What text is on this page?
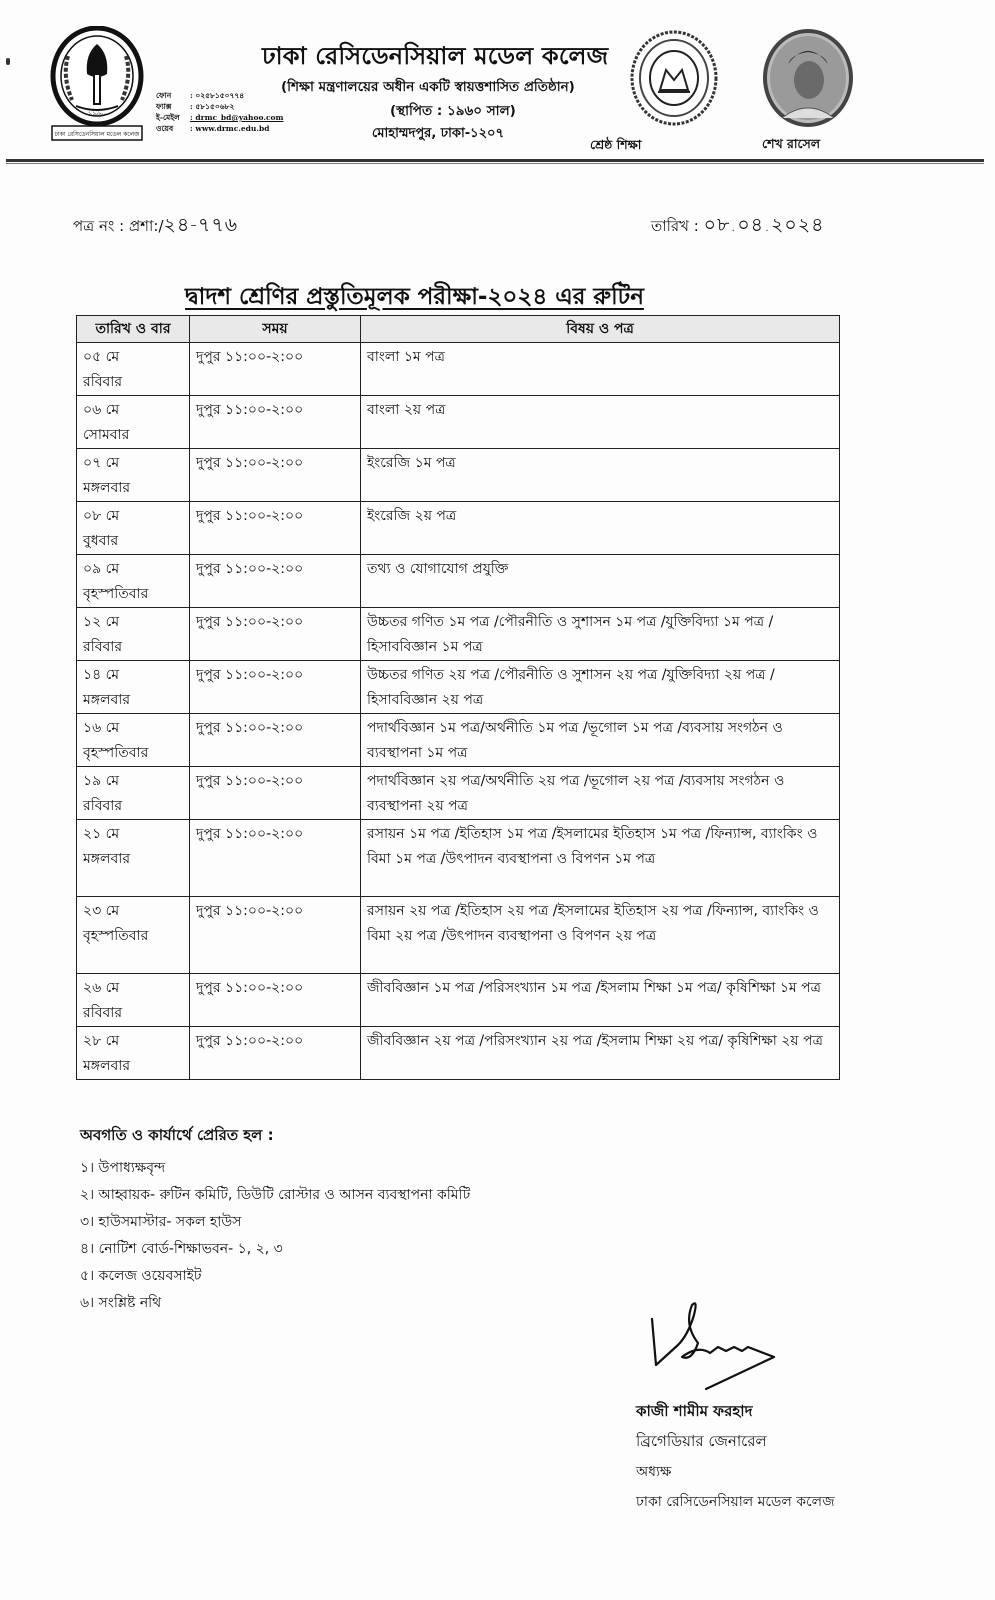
১৯৬০
ঢাকা রেসিডেনসিয়াল মডেল কলেজ
ফোন	: ০২৫৮১৫০৭৭৪
ফ্যাক্স : ৫৮১৫০৬৮২
ই-মেইল : drmc_bd@yahoo.com
ওয়েব : www.drmc.edu.bd
ঢাকা রেসিডেনসিয়াল মডেল কলেজ
(শিক্ষা মন্ত্রণালয়ের অধীন একটি স্বায়ত্তশাসিত প্রতিষ্ঠান)
(স্থাপিত : ১৯৬০ সাল)
মোহাম্মদপুর, ঢাকা-১২০৭
শ্রেষ্ঠ শিক্ষা	শেখ রাসেল
পত্র নং : প্রশা:/২৪-৭৭৬	তারিখ : ০৮.০৪.২০২৪
দ্বাদশ শ্রেণির প্রস্তুতিমূলক পরীক্ষা-২০২৪ এর রুটিন
তারিখ ও বার	সময়	বিষয় ও পত্র

০৫ মে
রবিবার	দুপুর ১১:০০-২:০০	বাংলা ১ম পত্র

০৬ মে
সোমবার	দুপুর ১১:০০-২:০০	বাংলা ২য় পত্র

০৭ মে
মঙ্গলবার	দুপুর ১১:০০-২:০০	ইংরেজি ১ম পত্র

০৮ মে
বুধবার	দুপুর ১১:০০-২:০০	ইংরেজি ২য় পত্র

০৯ মে
বৃহস্পতিবার	দুপুর ১১:০০-২:০০	তথ্য ও যোগাযোগ প্রযুক্তি

১২ মে
রবিবার	দুপুর ১১:০০-২:০০	উচ্চতর গণিত ১ম পত্র /পৌরনীতি ও সুশাসন ১ম পত্র /যুক্তিবিদ্যা ১ম পত্র /হিসাববিজ্ঞান ১ম পত্র

১৪ মে
মঙ্গলবার	দুপুর ১১:০০-২:০০	উচ্চতর গণিত ২য় পত্র /পৌরনীতি ও সুশাসন ২য় পত্র /যুক্তিবিদ্যা ২য় পত্র /হিসাববিজ্ঞান ২য় পত্র

১৬ মে
বৃহস্পতিবার	দুপুর ১১:০০-২:০০	পদার্থবিজ্ঞান ১ম পত্র/অর্থনীতি ১ম পত্র /ভূগোল ১ম পত্র /ব্যবসায় সংগঠন ও ব্যবস্থাপনা ১ম পত্র

১৯ মে
রবিবার	দুপুর ১১:০০-২:০০	পদার্থবিজ্ঞান ২য় পত্র/অর্থনীতি ২য় পত্র /ভূগোল ২য় পত্র /ব্যবসায় সংগঠন ও ব্যবস্থাপনা ২য় পত্র

২১ মে
মঙ্গলবার	দুপুর ১১:০০-২:০০	রসায়ন ১ম পত্র /ইতিহাস ১ম পত্র /ইসলামের ইতিহাস ১ম পত্র /ফিন্যান্স, ব্যাংকিং ও বিমা ১ম পত্র /উৎপাদন ব্যবস্থাপনা ও বিপণন ১ম পত্র

২৩ মে
বৃহস্পতিবার	দুপুর ১১:০০-২:০০	রসায়ন ২য় পত্র /ইতিহাস ২য় পত্র /ইসলামের ইতিহাস ২য় পত্র /ফিন্যান্স, ব্যাংকিং ও বিমা ২য় পত্র /উৎপাদন ব্যবস্থাপনা ও বিপণন ২য় পত্র

২৬ মে
রবিবার	দুপুর ১১:০০-২:০০	জীববিজ্ঞান ১ম পত্র /পরিসংখ্যান ১ম পত্র /ইসলাম শিক্ষা ১ম পত্র/ কৃষিশিক্ষা ১ম পত্র

২৮ মে
মঙ্গলবার	দুপুর ১১:০০-২:০০	জীববিজ্ঞান ২য় পত্র /পরিসংখ্যান ২য় পত্র /ইসলাম শিক্ষা ২য় পত্র/ কৃষিশিক্ষা ২য় পত্র
অবগতি ও কার্যার্থে প্রেরিত হল :
১। উপাধ্যক্ষবৃন্দ
২। আহ্বায়ক- রুটিন কমিটি, ডিউটি রোস্টার ও আসন ব্যবস্থাপনা কমিটি
৩। হাউসমাস্টার- সকল হাউস
৪। নোটিশ বোর্ড-শিক্ষাভবন- ১, ২, ৩
৫। কলেজ ওয়েবসাইট
৬। সংশ্লিষ্ট নথি
কাজী শামীম ফরহাদ
ব্রিগেডিয়ার জেনারেল
অধ্যক্ষ
ঢাকা রেসিডেনসিয়াল মডেল কলেজ
